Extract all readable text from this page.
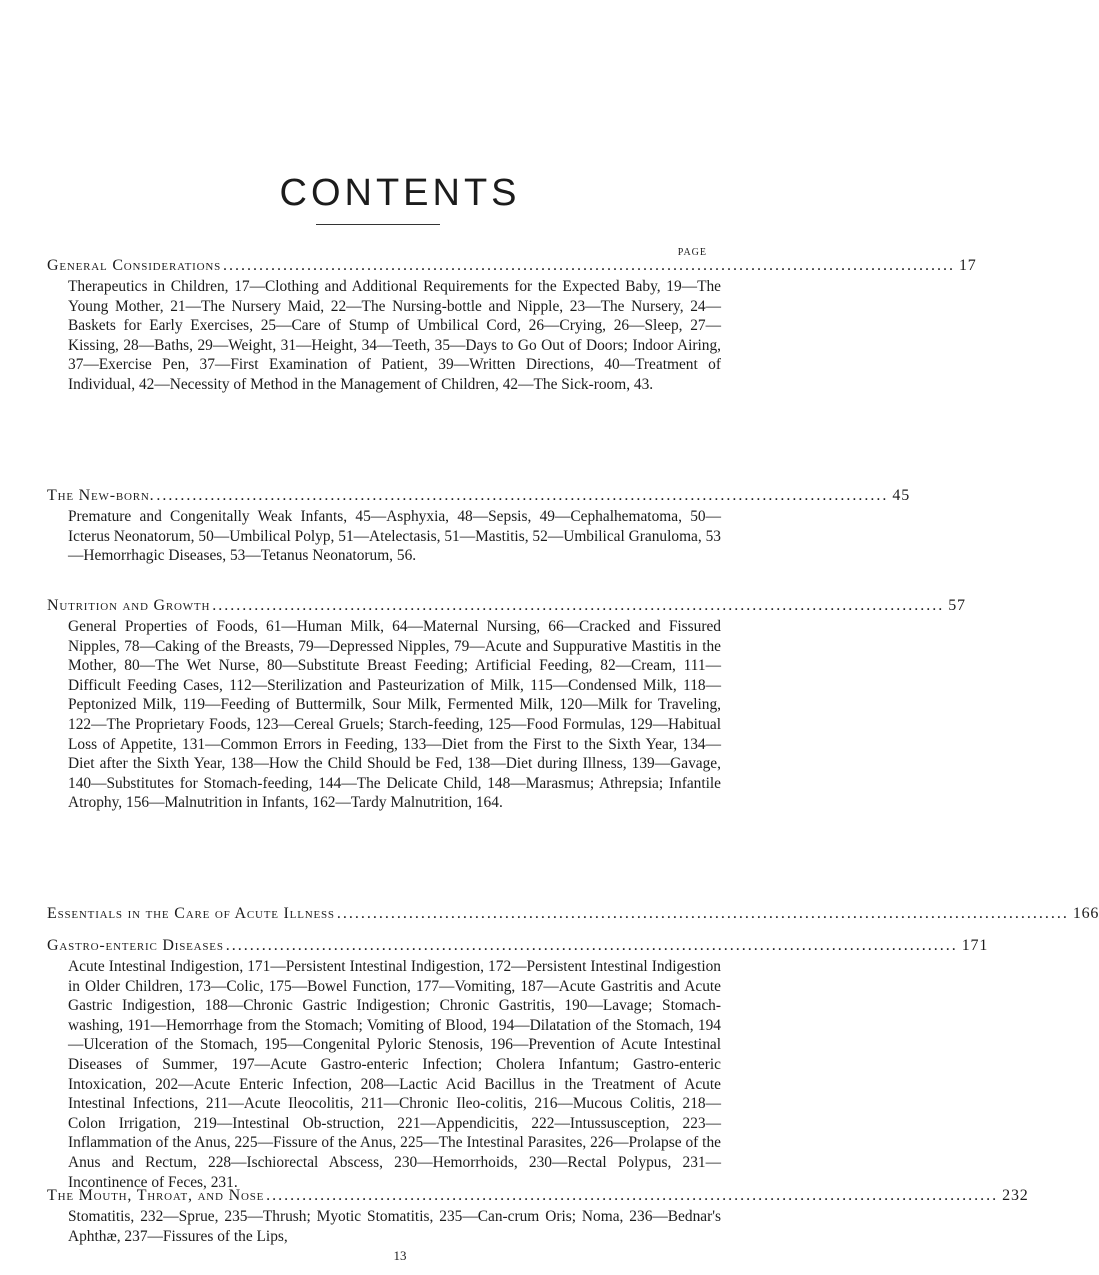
CONTENTS
PAGE
General Considerations .......................................................................................................................... 17

Therapeutics in Children, 17—Clothing and Additional Requirements for the Expected Baby, 19—The Young Mother, 21—The Nursery Maid, 22—The Nursing-bottle and Nipple, 23—The Nursery, 24—Baskets for Early Exercises, 25—Care of Stump of Umbilical Cord, 26—Crying, 26—Sleep, 27—Kissing, 28—Baths, 29—Weight, 31—Height, 34—Teeth, 35—Days to Go Out of Doors; Indoor Airing, 37—Exercise Pen, 37—First Examination of Patient, 39—Written Directions, 40—Treatment of Individual, 42—Necessity of Method in the Management of Children, 42—The Sick-room, 43.

The New-born. .......................................................................................................................... 45

Premature and Congenitally Weak Infants, 45—Asphyxia, 48—Sepsis, 49—Cephalhematoma, 50—Icterus Neonatorum, 50—Umbilical Polyp, 51—Atelectasis, 51—Mastitis, 52—Umbilical Granuloma, 53—Hemorrhagic Diseases, 53—Tetanus Neonatorum, 56.

Nutrition and Growth .......................................................................................................................... 57

General Properties of Foods, 61—Human Milk, 64—Maternal Nursing, 66—Cracked and Fissured Nipples, 78—Caking of the Breasts, 79—Depressed Nipples, 79—Acute and Suppurative Mastitis in the Mother, 80—The Wet Nurse, 80—Substitute Breast Feeding; Artificial Feeding, 82—Cream, 111—Difficult Feeding Cases, 112—Sterilization and Pasteurization of Milk, 115—Condensed Milk, 118—Peptonized Milk, 119—Feeding of Buttermilk, Sour Milk, Fermented Milk, 120—Milk for Traveling, 122—The Proprietary Foods, 123—Cereal Gruels; Starch-feeding, 125—Food Formulas, 129—Habitual Loss of Appetite, 131—Common Errors in Feeding, 133—Diet from the First to the Sixth Year, 134—Diet after the Sixth Year, 138—How the Child Should be Fed, 138—Diet during Illness, 139—Gavage, 140—Substitutes for Stomach-feeding, 144—The Delicate Child, 148—Marasmus; Athrepsia; Infantile Atrophy, 156—Malnutrition in Infants, 162—Tardy Malnutrition, 164.

Essentials in the Care of Acute Illness .......................................................................................................................... 166
Gastro-enteric Diseases .......................................................................................................................... 171

Acute Intestinal Indigestion, 171—Persistent Intestinal Indigestion, 172—Persistent Intestinal Indigestion in Older Children, 173—Colic, 175—Bowel Function, 177—Vomiting, 187—Acute Gastritis and Acute Gastric Indigestion, 188—Chronic Gastric Indigestion; Chronic Gastritis, 190—Lavage; Stomach-washing, 191—Hemorrhage from the Stomach; Vomiting of Blood, 194—Dilatation of the Stomach, 194—Ulceration of the Stomach, 195—Congenital Pyloric Stenosis, 196—Prevention of Acute Intestinal Diseases of Summer, 197—Acute Gastro-enteric Infection; Cholera Infantum; Gastro-enteric Intoxication, 202—Acute Enteric Infection, 208—Lactic Acid Bacillus in the Treatment of Acute Intestinal Infections, 211—Acute Ileocolitis, 211—Chronic Ileo-colitis, 216—Mucous Colitis, 218—Colon Irrigation, 219—Intestinal Ob-struction, 221—Appendicitis, 222—Intussusception, 223—Inflammation of the Anus, 225—Fissure of the Anus, 225—The Intestinal Parasites, 226—Prolapse of the Anus and Rectum, 228—Ischiorectal Abscess, 230—Hemorrhoids, 230—Rectal Polypus, 231—Incontinence of Feces, 231.

The Mouth, Throat, and Nose .......................................................................................................................... 232

Stomatitis, 232—Sprue, 235—Thrush; Myotic Stomatitis, 235—Can-crum Oris; Noma, 236—Bednar's Aphthæ, 237—Fissures of the Lips,

13
